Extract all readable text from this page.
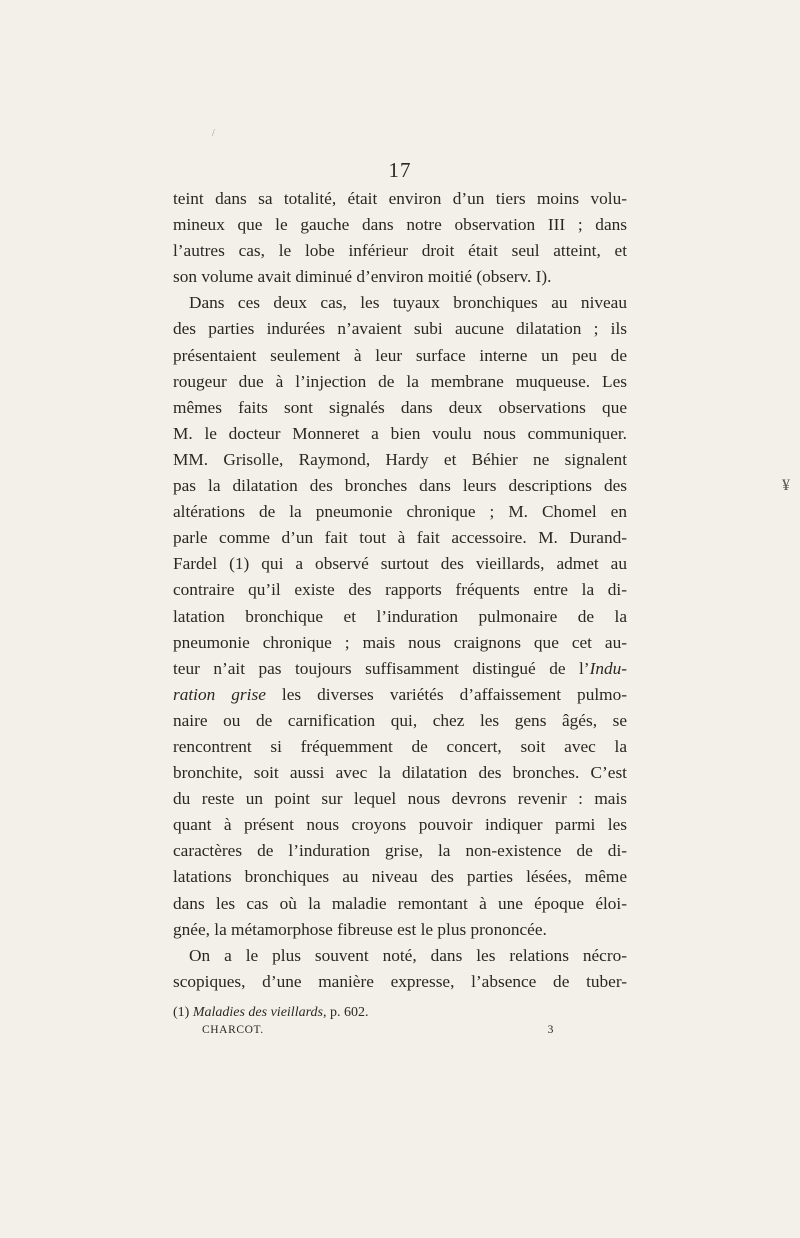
/
17
teint dans sa totalité, était environ d’un tiers moins volu-
mineux que le gauche dans notre observation III ; dans
l’autres cas, le lobe inférieur droit était seul atteint, et
son volume avait diminué d’environ moitié (observ. I).
Dans ces deux cas, les tuyaux bronchiques au niveau
des parties indurées n’avaient subi aucune dilatation ; ils
présentaient seulement à leur surface interne un peu de
rougeur due à l’injection de la membrane muqueuse. Les
mêmes faits sont signalés dans deux observations que
M. le docteur Monneret a bien voulu nous communiquer.
MM. Grisolle, Raymond, Hardy et Béhier ne signalent
pas la dilatation des bronches dans leurs descriptions des
altérations de la pneumonie chronique ; M. Chomel en
parle comme d’un fait tout à fait accessoire. M. Durand-
Fardel (1) qui a observé surtout des vieillards, admet au
contraire qu’il existe des rapports fréquents entre la di-
latation bronchique et l’induration pulmonaire de la
pneumonie chronique ; mais nous craignons que cet au-
teur n’ait pas toujours suffisamment distingué de l’Indu-
ration grise les diverses variétés d’affaissement pulmo-
naire ou de carnification qui, chez les gens âgés, se
rencontrent si fréquemment de concert, soit avec la
bronchite, soit aussi avec la dilatation des bronches. C’est
du reste un point sur lequel nous devrons revenir : mais
quant à présent nous croyons pouvoir indiquer parmi les
caractères de l’induration grise, la non-existence de di-
latations bronchiques au niveau des parties lésées, même
dans les cas où la maladie remontant à une époque éloi-
gnée, la métamorphose fibreuse est le plus prononcée.
On a le plus souvent noté, dans les relations nécro-
scopiques, d’une manière expresse, l’absence de tuber-
¥
(1) Maladies des vieillards, p. 602.
CHARCOT.	3
